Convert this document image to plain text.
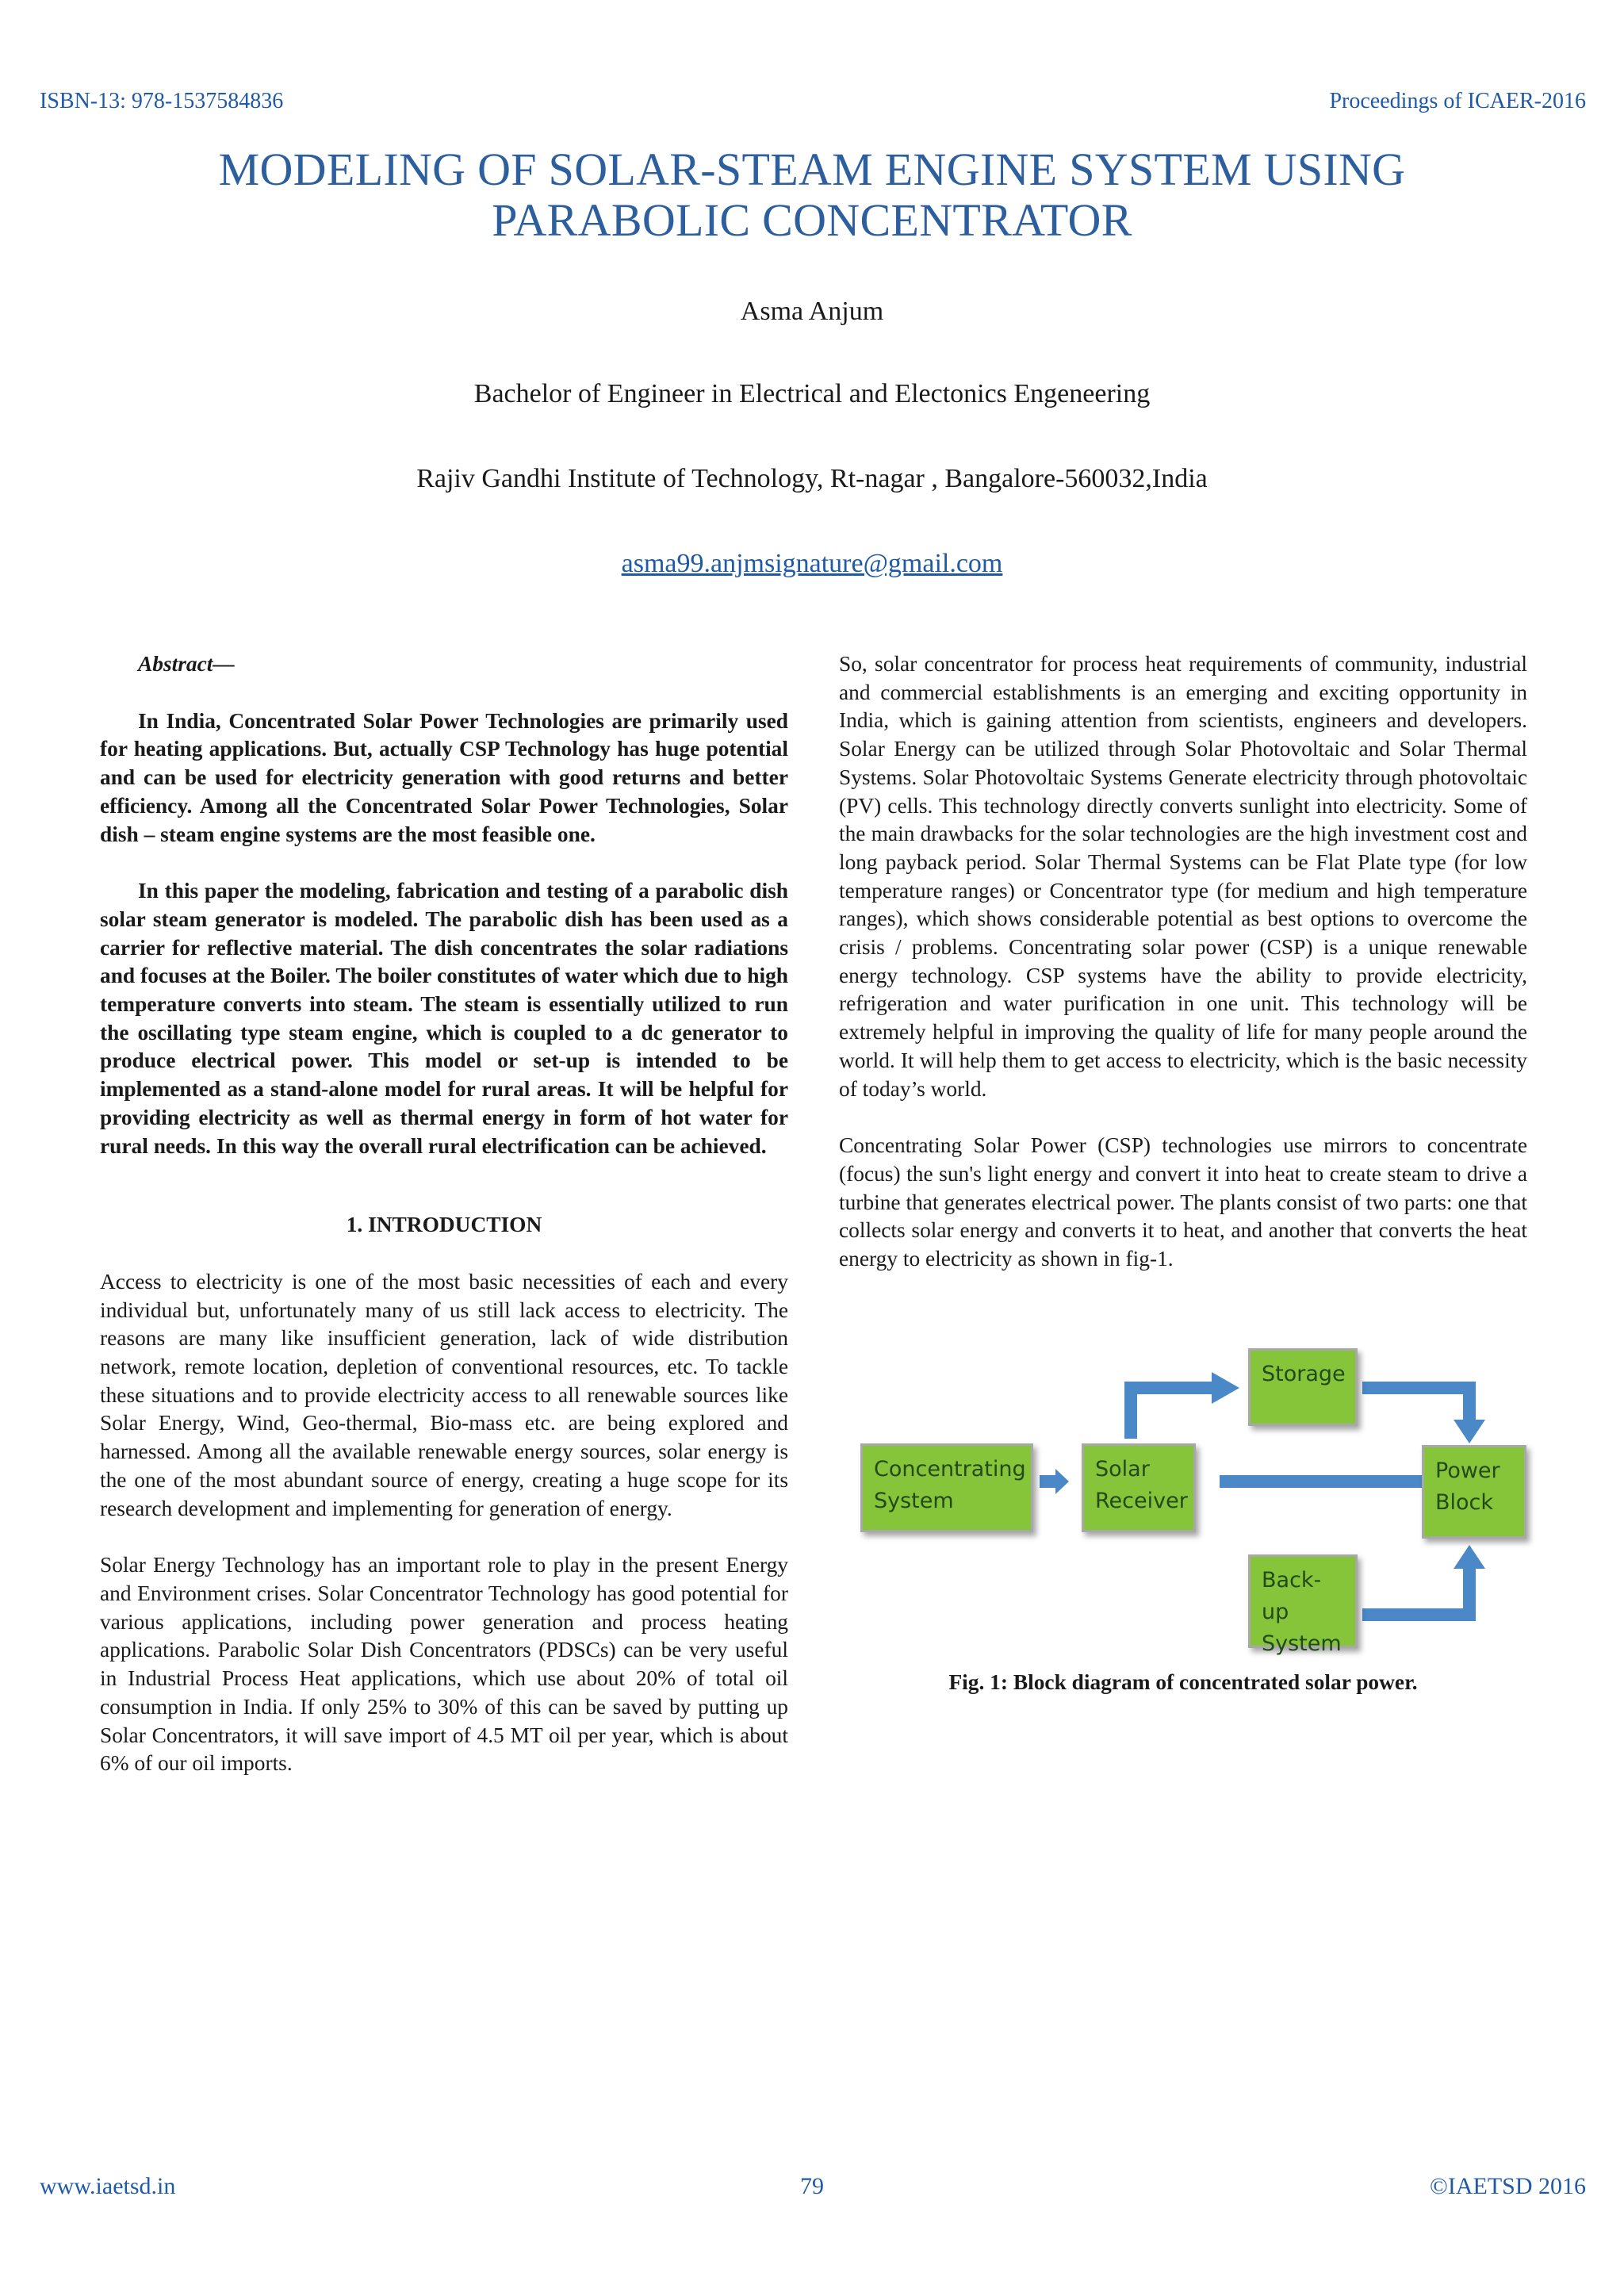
ISBN-13: 978-1537584836	Proceedings of ICAER-2016
MODELING OF SOLAR-STEAM ENGINE SYSTEM USING PARABOLIC CONCENTRATOR
Asma Anjum
Bachelor of Engineer in Electrical and Electonics Engeneering
Rajiv Gandhi Institute of Technology, Rt-nagar , Bangalore-560032,India
asma99.anjmsignature@gmail.com

Abstract—

In India, Concentrated Solar Power Technologies are primarily used for heating applications. But, actually CSP Technology has huge potential and can be used for electricity generation with good returns and better efficiency. Among all the Concentrated Solar Power Technologies, Solar dish – steam engine systems are the most feasible one.

In this paper the modeling, fabrication and testing of a parabolic dish solar steam generator is modeled. The parabolic dish has been used as a carrier for reflective material. The dish concentrates the solar radiations and focuses at the Boiler. The boiler constitutes of water which due to high temperature converts into steam. The steam is essentially utilized to run the oscillating type steam engine, which is coupled to a dc generator to produce electrical power. This model or set-up is intended to be implemented as a stand-alone model for rural areas. It will be helpful for providing electricity as well as thermal energy in form of hot water for rural needs. In this way the overall rural electrification can be achieved.

1. INTRODUCTION

Access to electricity is one of the most basic necessities of each and every individual but, unfortunately many of us still lack access to electricity. The reasons are many like insufficient generation, lack of wide distribution network, remote location, depletion of conventional resources, etc. To tackle these situations and to provide electricity access to all renewable sources like Solar Energy, Wind, Geo-thermal, Bio-mass etc. are being explored and harnessed. Among all the available renewable energy sources, solar energy is the one of the most abundant source of energy, creating a huge scope for its research development and implementing for generation of energy.

Solar Energy Technology has an important role to play in the present Energy and Environment crises. Solar Concentrator Technology has good potential for various applications, including power generation and process heating applications. Parabolic Solar Dish Concentrators (PDSCs) can be very useful in Industrial Process Heat applications, which use about 20% of total oil consumption in India. If only 25% to 30% of this can be saved by putting up Solar Concentrators, it will save import of 4.5 MT oil per year, which is about 6% of our oil imports.

So, solar concentrator for process heat requirements of community, industrial and commercial establishments is an emerging and exciting opportunity in India, which is gaining attention from scientists, engineers and developers. Solar Energy can be utilized through Solar Photovoltaic and Solar Thermal Systems. Solar Photovoltaic Systems Generate electricity through photovoltaic (PV) cells. This technology directly converts sunlight into electricity. Some of the main drawbacks for the solar technologies are the high investment cost and long payback period. Solar Thermal Systems can be Flat Plate type (for low temperature ranges) or Concentrator type (for medium and high temperature ranges), which shows considerable potential as best options to overcome the crisis / problems. Concentrating solar power (CSP) is a unique renewable energy technology. CSP systems have the ability to provide electricity, refrigeration and water purification in one unit. This technology will be extremely helpful in improving the quality of life for many people around the world. It will help them to get access to electricity, which is the basic necessity of today’s world.

Concentrating Solar Power (CSP) technologies use mirrors to concentrate (focus) the sun's light energy and convert it into heat to create steam to drive a turbine that generates electrical power. The plants consist of two parts: one that collects solar energy and converts it to heat, and another that converts the heat energy to electricity as shown in fig-1.

Concentrating System
Solar Receiver
Storage
Power Block
Back-up System

Fig. 1: Block diagram of concentrated solar power.

www.iaetsd.in	79	©IAETSD 2016
